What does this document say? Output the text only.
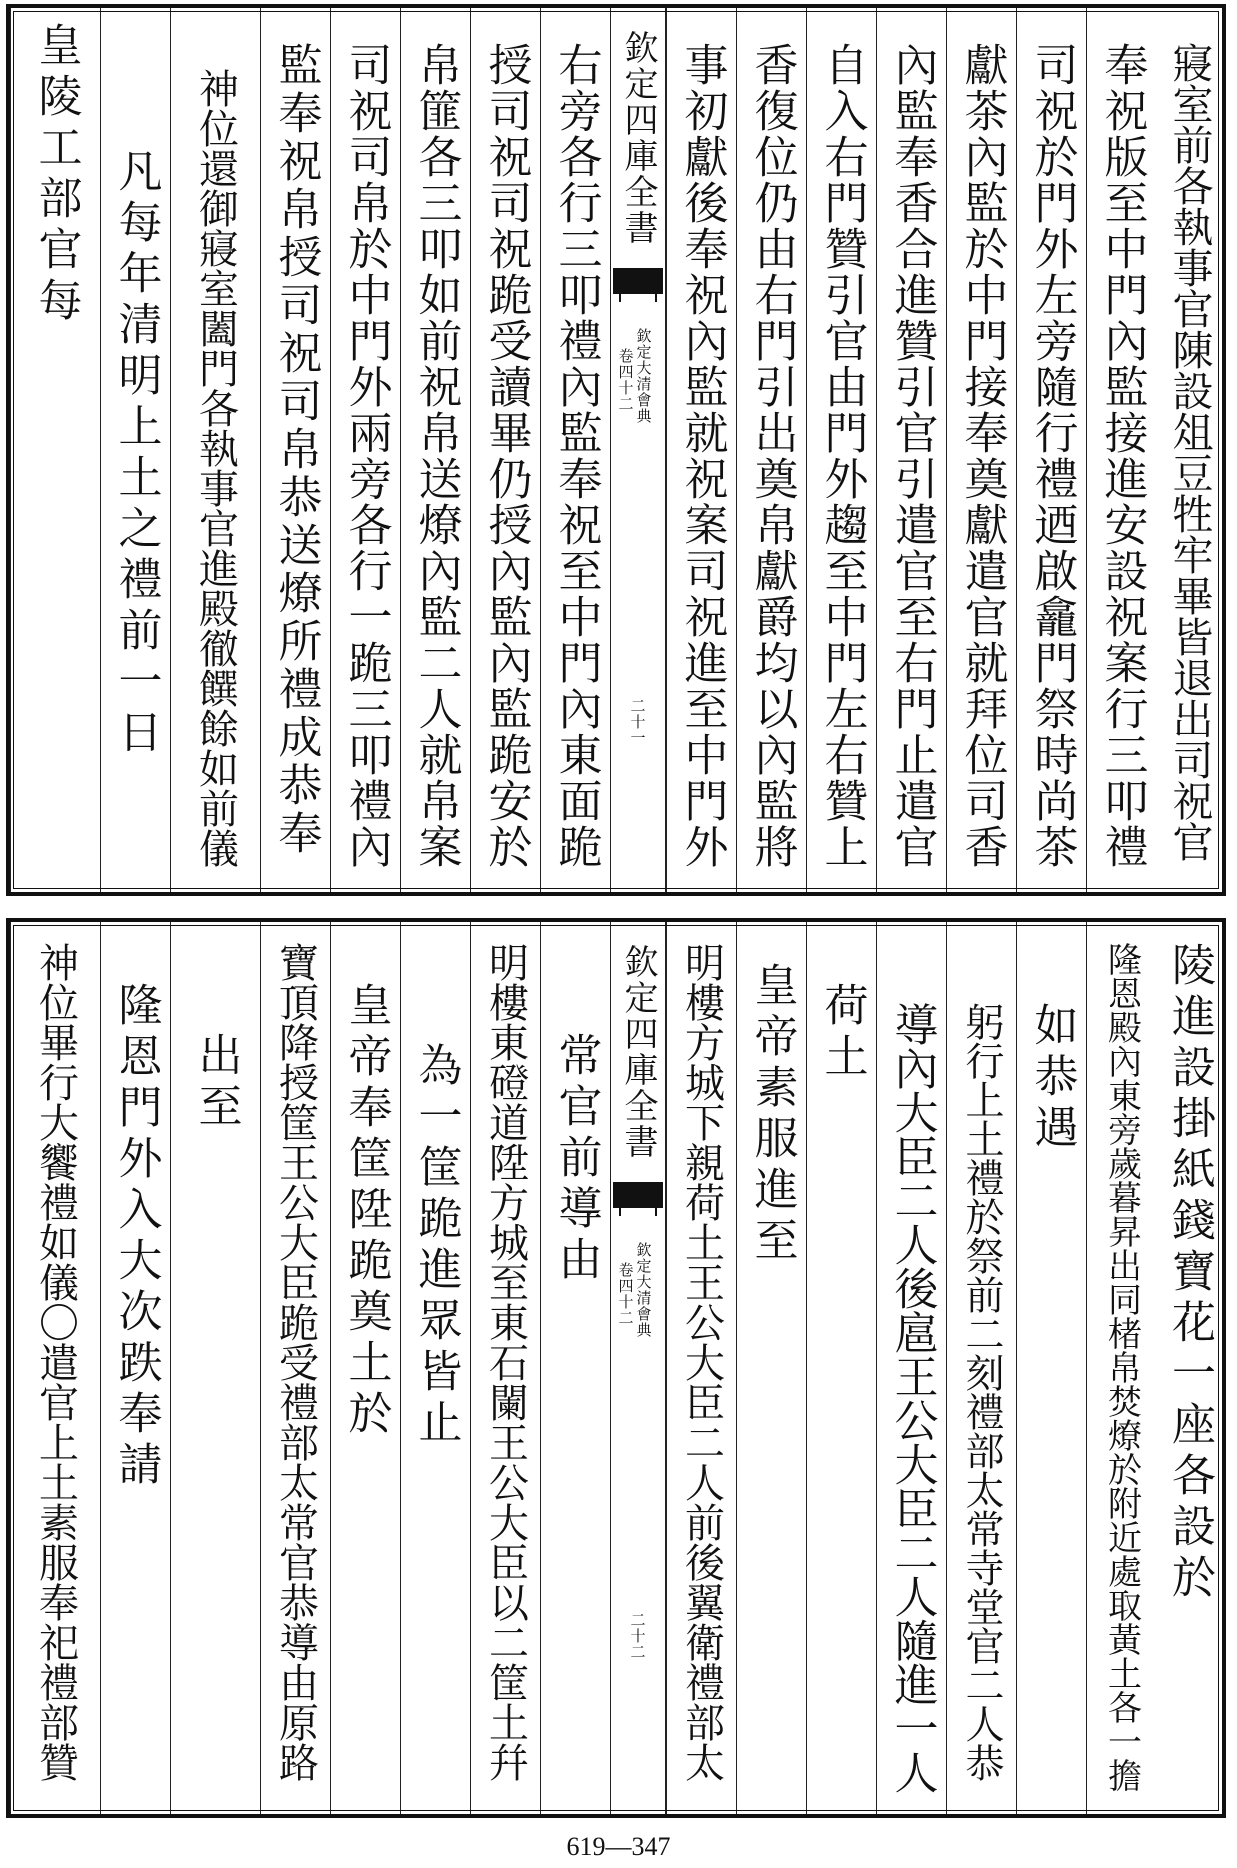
寢室前各執事官陳設俎豆牲牢畢皆退出司祝官
奉祝版至中門內監接進安設祝案行三叩禮
司祝於門外左旁隨行禮迺啟龕門祭時尚茶
獻茶內監於中門接奉奠獻遣官就拜位司香
內監奉香合進贊引官引遣官至右門止遣官
自入右門贊引官由門外趨至中門左右贊上
香復位仍由右門引出奠帛獻爵均以內監將
事初獻後奉祝內監就祝案司祝進至中門外
欽定四庫全書
欽定大清會典
卷四十二
二十一
右旁各行三叩禮內監奉祝至中門內東面跪
授司祝司祝跪受讀畢仍授內監內監跪安於
帛篚各三叩如前祝帛送燎內監二人就帛案
司祝司帛於中門外兩旁各行一跪三叩禮內
監奉祝帛授司祝司帛恭送燎所禮成恭奉
神位還御寢室闔門各執事官進殿徹饌餘如前儀
凡每年清明上土之禮前一日
皇陵工部官每
陵進設掛紙錢寶花一座各設於
隆恩殿內東旁歲暮昇出同楮帛焚燎於附近處取黃土各一擔
如恭遇
躬行上土禮於祭前二刻禮部太常寺堂官二人恭
導內大臣二人後扈王公大臣二人隨進一人
荷土
皇帝素服進至
明樓方城下親荷土王公大臣二人前後翼衛禮部太
欽定四庫全書
欽定大清會典
卷四十二
二十二
常官前導由
明樓東磴道陞方城至東石闌王公大臣以二筐土幷
為一筐跪進眾皆止
皇帝奉筐陞跪奠土於
寶頂降授筐王公大臣跪受禮部太常官恭導由原路
出至
隆恩門外入大次跌奉請
神位畢行大饗禮如儀〇遣官上土素服奉祀禮部贊
619—347
